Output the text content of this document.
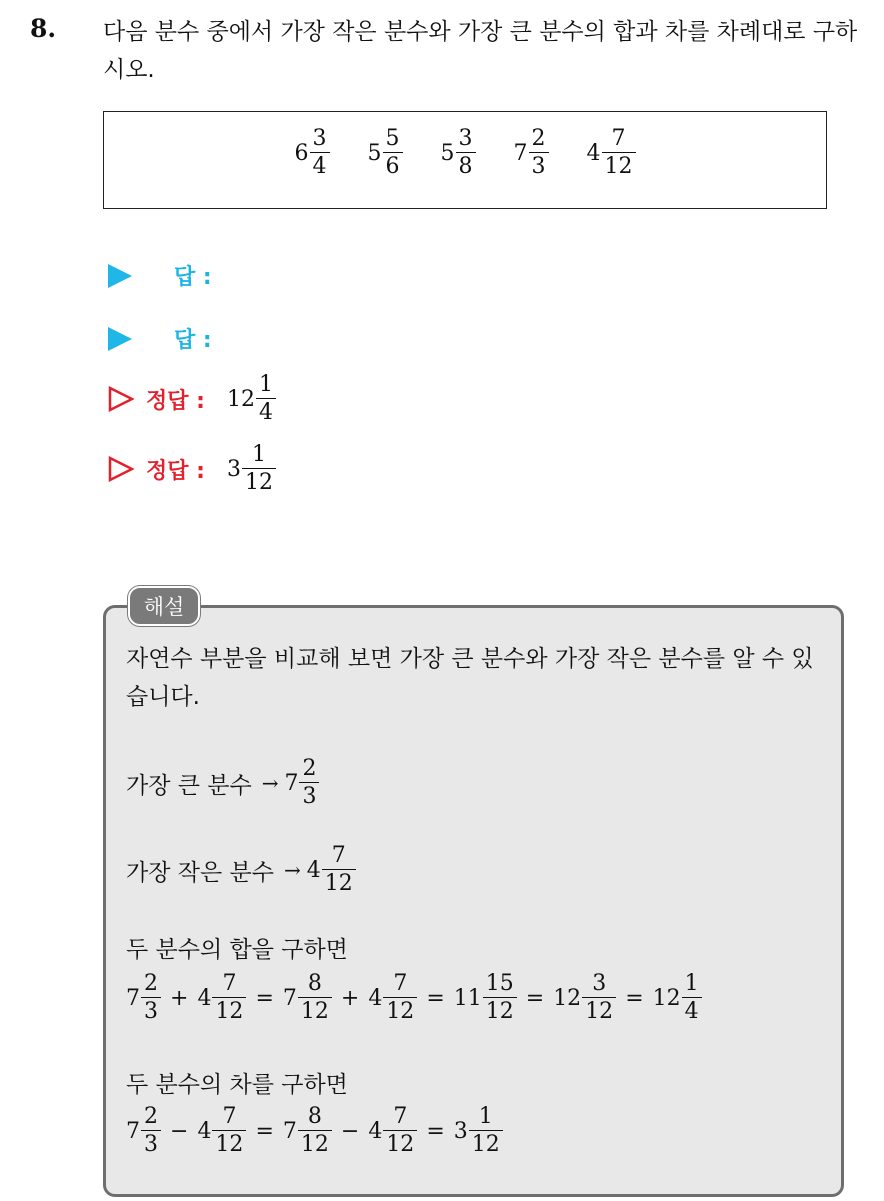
8. 다음 분수 중에서 가장 작은 분수와 가장 큰 분수의 합과 차를 차례대로 구하시오.
$6 \frac{3}{4} 5 \frac{5}{6} 5 \frac{3}{8} 7 \frac{2}{3} 4 \frac{7}{12}$
답 :
답 :
정답 : $12 \frac{1}{4}$
정답 : $3 \frac{1}{12}$
해설
자연수 부분을 비교해 보면 가장 큰 분수와 가장 작은 분수를 알 수 있습니다.
가장 큰 분수 → $7 \frac{2}{3}$
가장 작은 분수 → $4 \frac{7}{12}$
두 분수의 합을 구하면
$7 \frac{2}{3} + 4 \frac{7}{12} = 7 \frac{8}{12} + 4 \frac{7}{12} = 11 \frac{15}{12} = 12 \frac{3}{12} = 12 \frac{1}{4}$
두 분수의 차를 구하면
$7 \frac{2}{3} - 4 \frac{7}{12} = 7 \frac{8}{12} - 4 \frac{7}{12} = 3 \frac{1}{12}$
